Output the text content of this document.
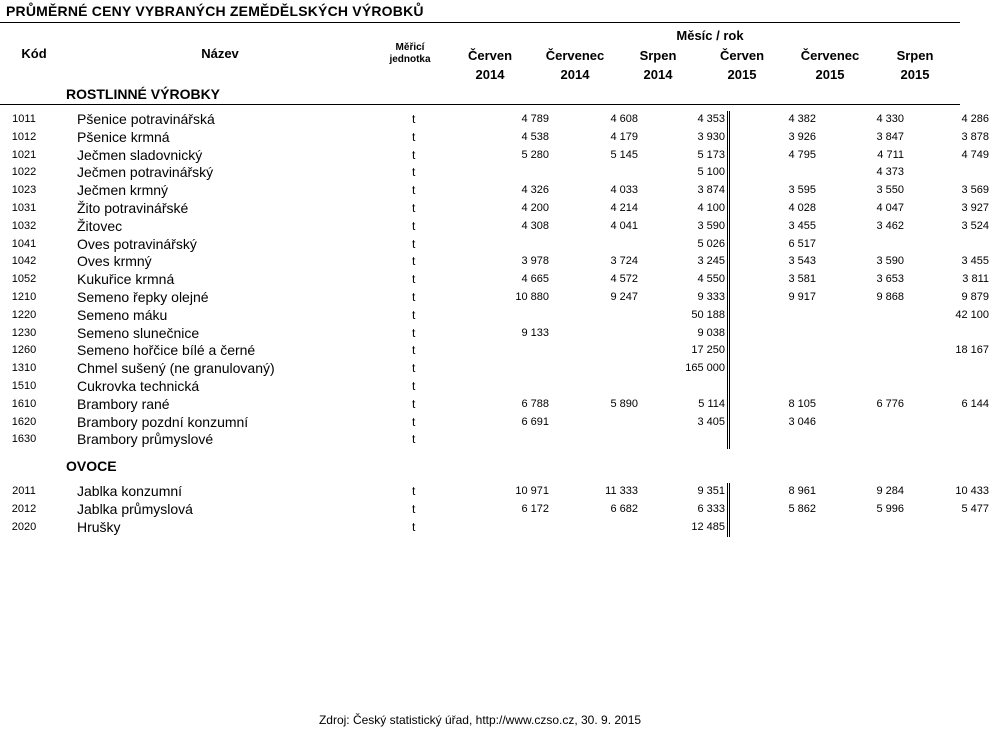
PRŮMĚRNÉ CENY VYBRANÝCH ZEMĚDĚLSKÝCH VÝROBKŮ
Kód	Název	Měřicí
jednotka
Měsíc / rok
Červen	Červenec	Srpen	Červen	Červenec	Srpen
2014	2014	2014	2015	2015	2015
ROSTLINNÉ VÝROBKY
1011	Pšenice potravinářská	t	4 789	4 608	4 353	4 382	4 330	4 286
1012	Pšenice krmná	t	4 538	4 179	3 930	3 926	3 847	3 878
1021	Ječmen sladovnický	t	5 280	5 145	5 173	4 795	4 711	4 749
1022	Ječmen potravinářský	t			5 100		4 373	
1023	Ječmen krmný	t	4 326	4 033	3 874	3 595	3 550	3 569
1031	Žito potravinářské	t	4 200	4 214	4 100	4 028	4 047	3 927
1032	Žitovec	t	4 308	4 041	3 590	3 455	3 462	3 524
1041	Oves potravinářský	t			5 026	6 517		
1042	Oves krmný	t	3 978	3 724	3 245	3 543	3 590	3 455
1052	Kukuřice krmná	t	4 665	4 572	4 550	3 581	3 653	3 811
1210	Semeno řepky olejné	t	10 880	9 247	9 333	9 917	9 868	9 879
1220	Semeno máku	t			50 188			42 100
1230	Semeno slunečnice	t	9 133		9 038			
1260	Semeno hořčice bílé a černé	t			17 250			18 167
1310	Chmel sušený (ne granulovaný)	t			165 000			
1510	Cukrovka technická	t						
1610	Brambory rané	t	6 788	5 890	5 114	8 105	6 776	6 144
1620	Brambory pozdní konzumní	t	6 691		3 405	3 046		
1630	Brambory průmyslové	t						
	OVOCE							
2011	Jablka konzumní	t	10 971	11 333	9 351	8 961	9 284	10 433
2012	Jablka průmyslová	t	6 172	6 682	6 333	5 862	5 996	5 477
2020	Hrušky	t			12 485			
Zdroj: Český statistický úřad, http://www.czso.cz, 30. 9. 2015
